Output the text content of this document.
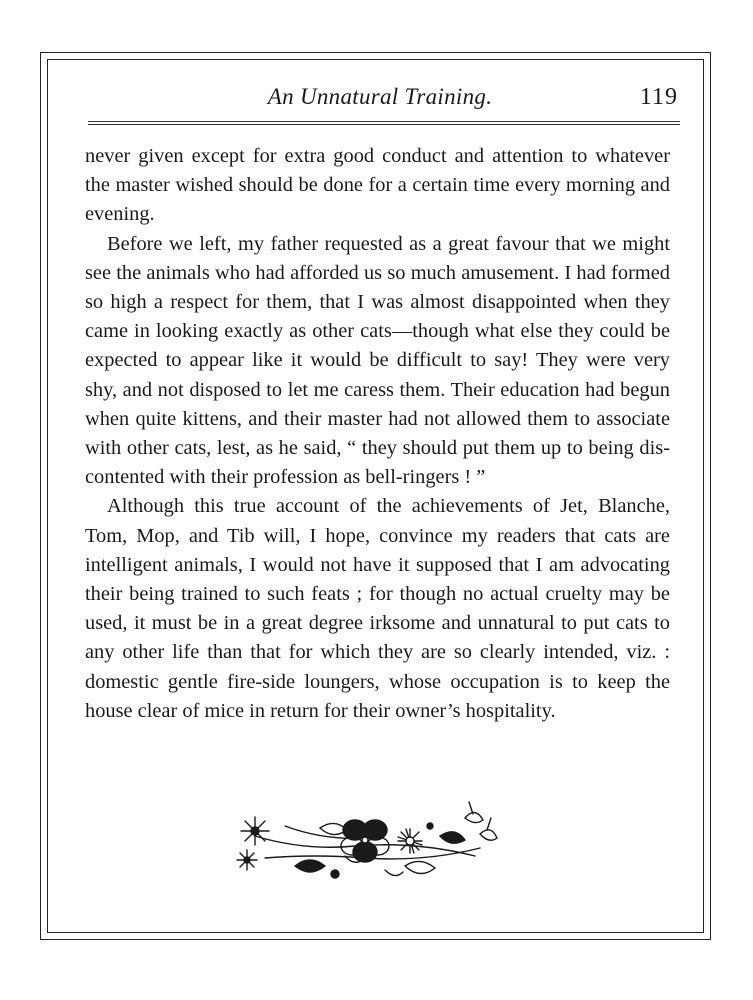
An Unnatural Training.	119

never given except for extra good conduct and attention to whatever the master wished should be done for a certain time every morning and evening.

Before we left, my father requested as a great favour that we might see the animals who had afforded us so much amusement. I had formed so high a respect for them, that I was almost disappointed when they came in looking exactly as other cats—though what else they could be expected to appear like it would be difficult to say! They were very shy, and not disposed to let me caress them. Their education had begun when quite kittens, and their master had not allowed them to associate with other cats, lest, as he said, “ they should put them up to being dis-contented with their profession as bell-ringers ! ”

Although this true account of the achievements of Jet, Blanche, Tom, Mop, and Tib will, I hope, convince my readers that cats are intelligent animals, I would not have it supposed that I am advocating their being trained to such feats ; for though no actual cruelty may be used, it must be in a great degree irksome and unnatural to put cats to any other life than that for which they are so clearly intended, viz. : domestic gentle fire-side loungers, whose occupation is to keep the house clear of mice in return for their owner’s hospitality.
